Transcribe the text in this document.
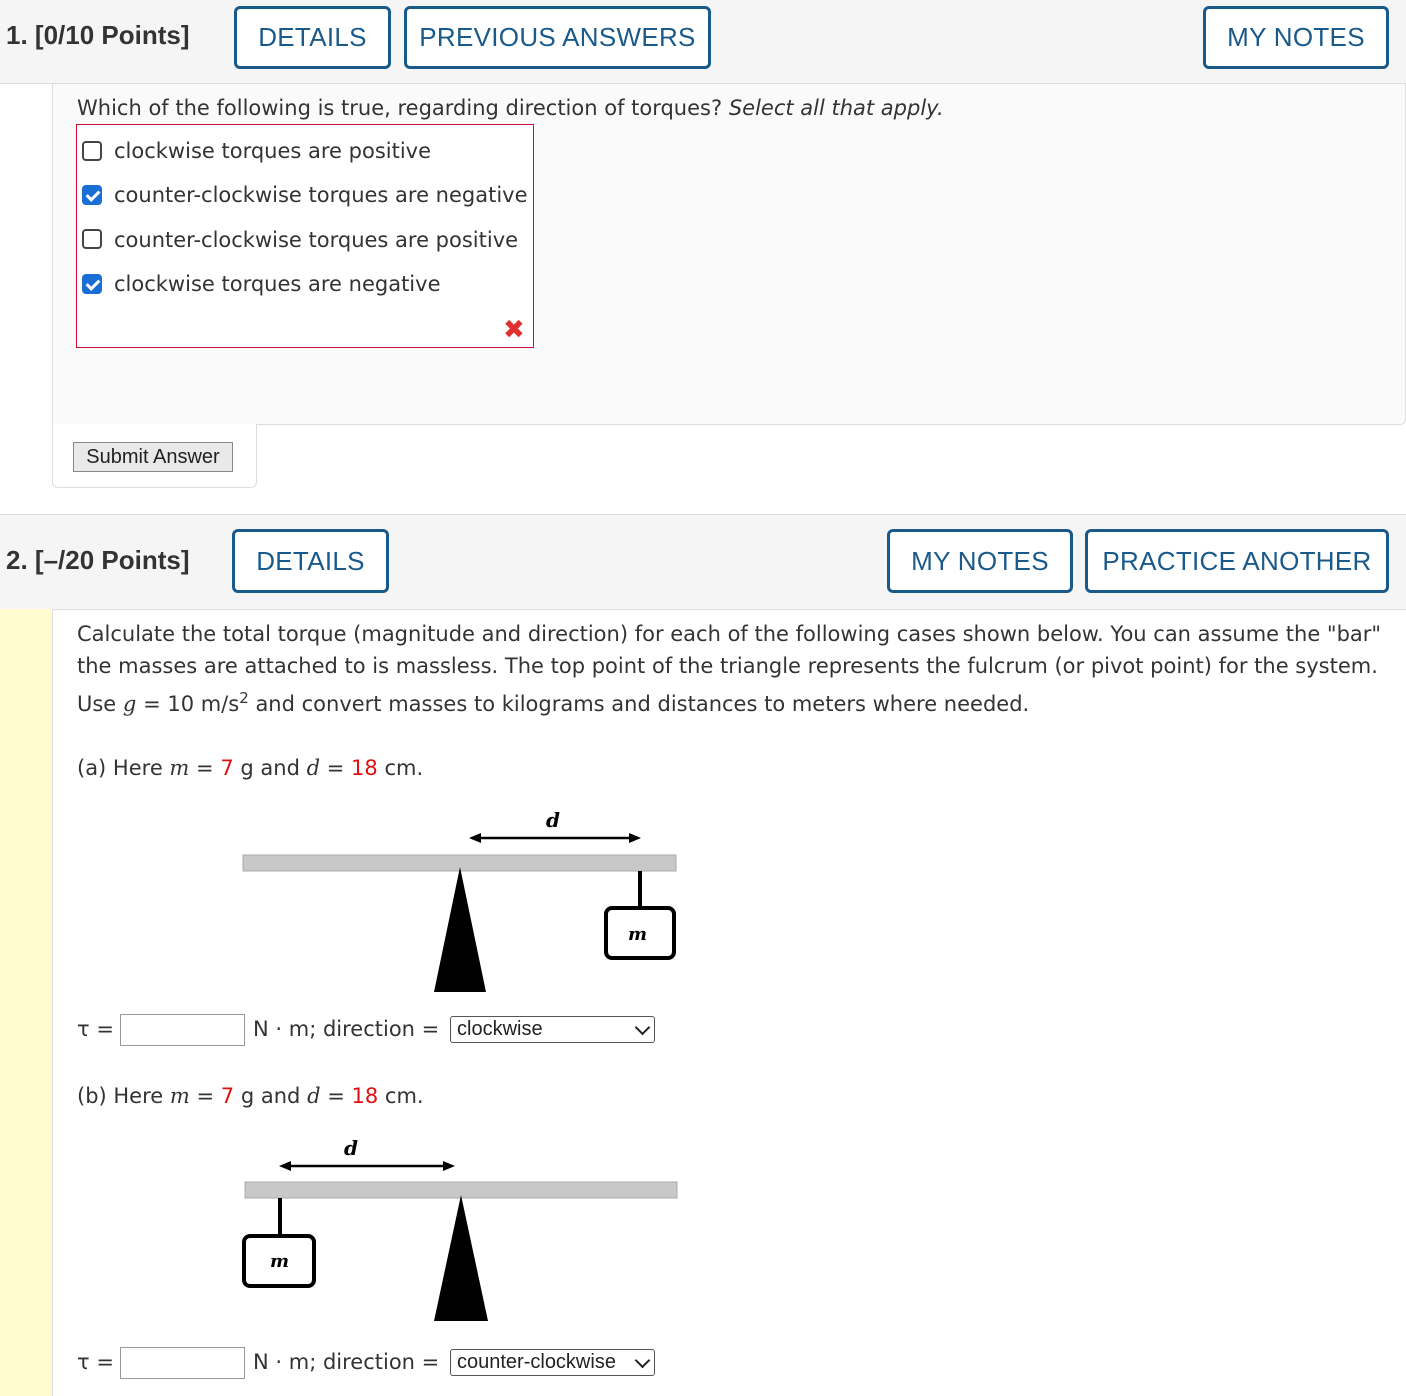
1. [0/10 Points]	DETAILS	PREVIOUS ANSWERS	MY NOTES
Which of the following is true, regarding direction of torques? Select all that apply.
clockwise torques are positive
counter-clockwise torques are negative
counter-clockwise torques are positive
clockwise torques are negative
✖
Submit Answer
2. [–/20 Points]	DETAILS	MY NOTES	PRACTICE ANOTHER
Calculate the total torque (magnitude and direction) for each of the following cases shown below. You can assume the "bar"
the masses are attached to is massless. The top point of the triangle represents the fulcrum (or pivot point) for the system.
Use g = 10 $m/s^2$ and convert masses to kilograms and distances to meters where needed.
(a) Here m = 7 g and d = 18 cm.
d
m
τ =	N · m; direction = clockwise
(b) Here m = 7 g and d = 18 cm.
d
m
τ =	N · m; direction = counter-clockwise
